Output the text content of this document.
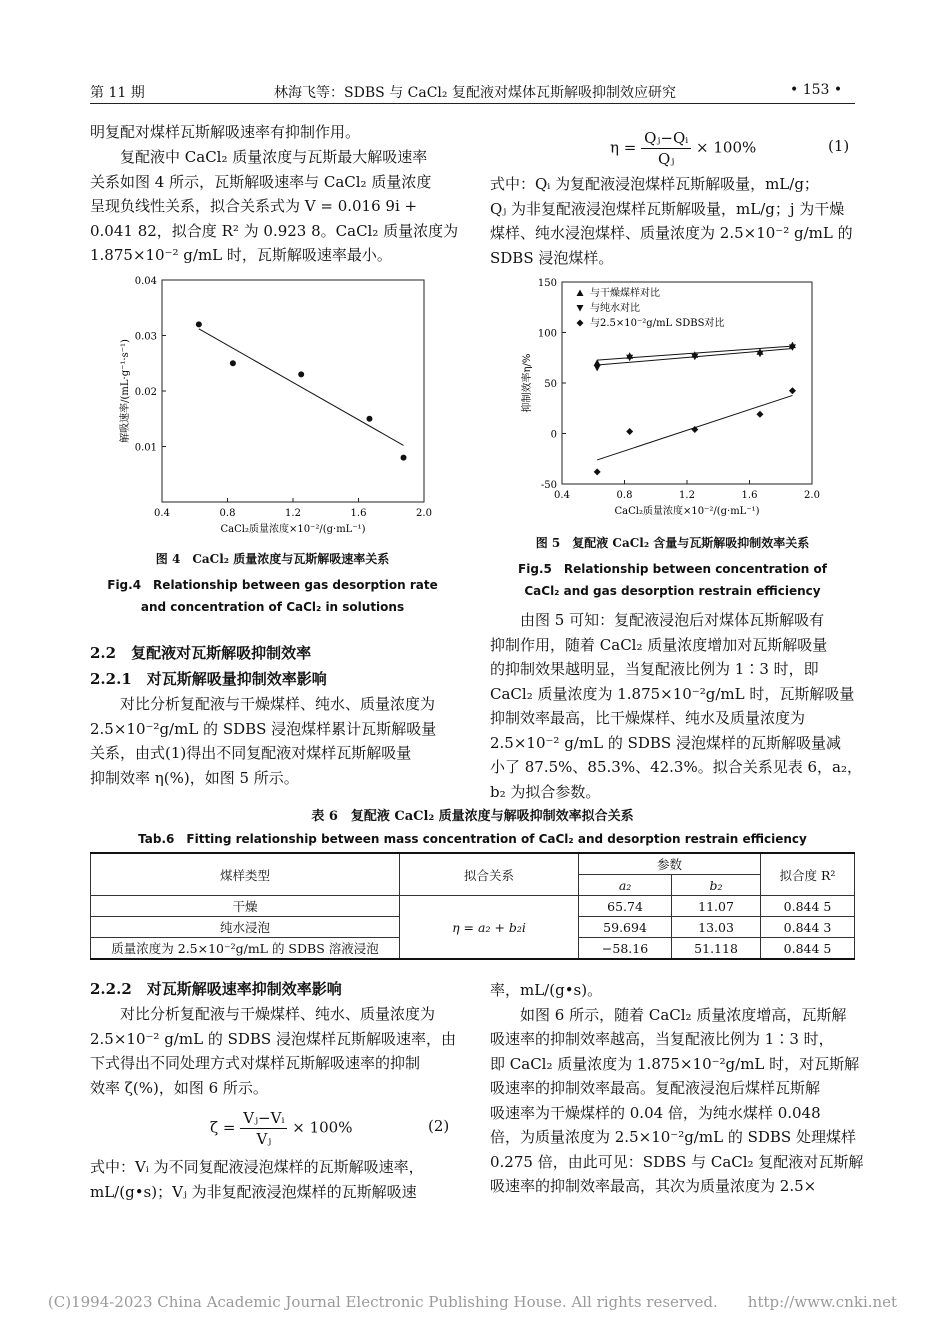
第 11 期	林海飞等：SDBS 与 CaCl₂ 复配液对煤体瓦斯解吸抑制效应研究	• 153 •
明复配对煤样瓦斯解吸速率有抑制作用。
复配液中 CaCl₂ 质量浓度与瓦斯最大解吸速率
关系如图 4 所示，瓦斯解吸速率与 CaCl₂ 质量浓度
呈现负线性关系，拟合关系式为 V = 0.016 9i +
0.041 82，拟合度 R² 为 0.923 8。CaCl₂ 质量浓度为
1.875×10⁻² g/mL 时，瓦斯解吸速率最小。
0.4	0.8	1.2	1.6	2.0
0.01
0.02
0.03
0.04
CaCl₂质量浓度×10⁻²/(g·mL⁻¹)
解吸速率/(mL·g⁻¹·s⁻¹)
图 4　CaCl₂ 质量浓度与瓦斯解吸速率关系
Fig.4　Relationship between gas desorption rate
and concentration of CaCl₂ in solutions
2.2　复配液对瓦斯解吸抑制效率
2.2.1　对瓦斯解吸量抑制效率影响
对比分析复配液与干燥煤样、纯水、质量浓度为
2.5×10⁻²g/mL 的 SDBS 浸泡煤样累计瓦斯解吸量
关系，由式(1)得出不同复配液对煤样瓦斯解吸量
抑制效率 η(%)，如图 5 所示。
$\eta = \frac{\text{Qⱼ−Qᵢ}}{\text{Qⱼ}} \times 100\%$	(1)
式中：Qᵢ 为复配液浸泡煤样瓦斯解吸量，mL/g；
Qⱼ 为非复配液浸泡煤样瓦斯解吸量，mL/g；j 为干燥
煤样、纯水浸泡煤样、质量浓度为 2.5×10⁻² g/mL 的
SDBS 浸泡煤样。
0.4	0.8	1.2	1.6	2.0
-50
0
50
100
150
CaCl₂质量浓度×10⁻²/(g·mL⁻¹)
抑制效率η/%
与干燥煤样对比
与纯水对比
与2.5×10⁻²g/mL SDBS对比
图 5　复配液 CaCl₂ 含量与瓦斯解吸抑制效率关系
Fig.5　Relationship between concentration of
CaCl₂ and gas desorption restrain efficiency
由图 5 可知：复配液浸泡后对煤体瓦斯解吸有
抑制作用，随着 CaCl₂ 质量浓度增加对瓦斯解吸量
的抑制效果越明显，当复配液比例为 1∶3 时，即
CaCl₂ 质量浓度为 1.875×10⁻²g/mL 时，瓦斯解吸量
抑制效率最高，比干燥煤样、纯水及质量浓度为
2.5×10⁻² g/mL 的 SDBS 浸泡煤样的瓦斯解吸量减
小了 87.5%、85.3%、42.3%。拟合关系见表 6，a₂，
b₂ 为拟合参数。
表 6　复配液 CaCl₂ 质量浓度与解吸抑制效率拟合关系
Tab.6　Fitting relationship between mass concentration of CaCl₂ and desorption restrain efficiency
煤样类型	拟合关系	参数		拟合度 R²
		a₂	b₂	
干燥	η = a₂ + b₂i	65.74	11.07	0.844 5
纯水浸泡		59.694	13.03	0.844 3
质量浓度为 2.5×10⁻²g/mL 的 SDBS 溶液浸泡		−58.16	51.118	0.844 5
2.2.2　对瓦斯解吸速率抑制效率影响
对比分析复配液与干燥煤样、纯水、质量浓度为
2.5×10⁻² g/mL 的 SDBS 浸泡煤样瓦斯解吸速率，由
下式得出不同处理方式对煤样瓦斯解吸速率的抑制
效率 ζ(%)，如图 6 所示。
$\zeta = \frac{\text{Vⱼ−Vᵢ}}{\text{Vⱼ}} \times 100\%$	(2)
式中：Vᵢ 为不同复配液浸泡煤样的瓦斯解吸速率，
mL/(g•s)；Vⱼ 为非复配液浸泡煤样的瓦斯解吸速
率，mL/(g•s)。
如图 6 所示，随着 CaCl₂ 质量浓度增高，瓦斯解
吸速率的抑制效率越高，当复配液比例为 1∶3 时，
即 CaCl₂ 质量浓度为 1.875×10⁻²g/mL 时，对瓦斯解
吸速率的抑制效率最高。复配液浸泡后煤样瓦斯解
吸速率为干燥煤样的 0.04 倍，为纯水煤样 0.048
倍，为质量浓度为 2.5×10⁻²g/mL 的 SDBS 处理煤样
0.275 倍，由此可见：SDBS 与 CaCl₂ 复配液对瓦斯解
吸速率的抑制效率最高，其次为质量浓度为 2.5×
(C)1994-2023 China Academic Journal Electronic Publishing House. All rights reserved.　　http://www.cnki.net
